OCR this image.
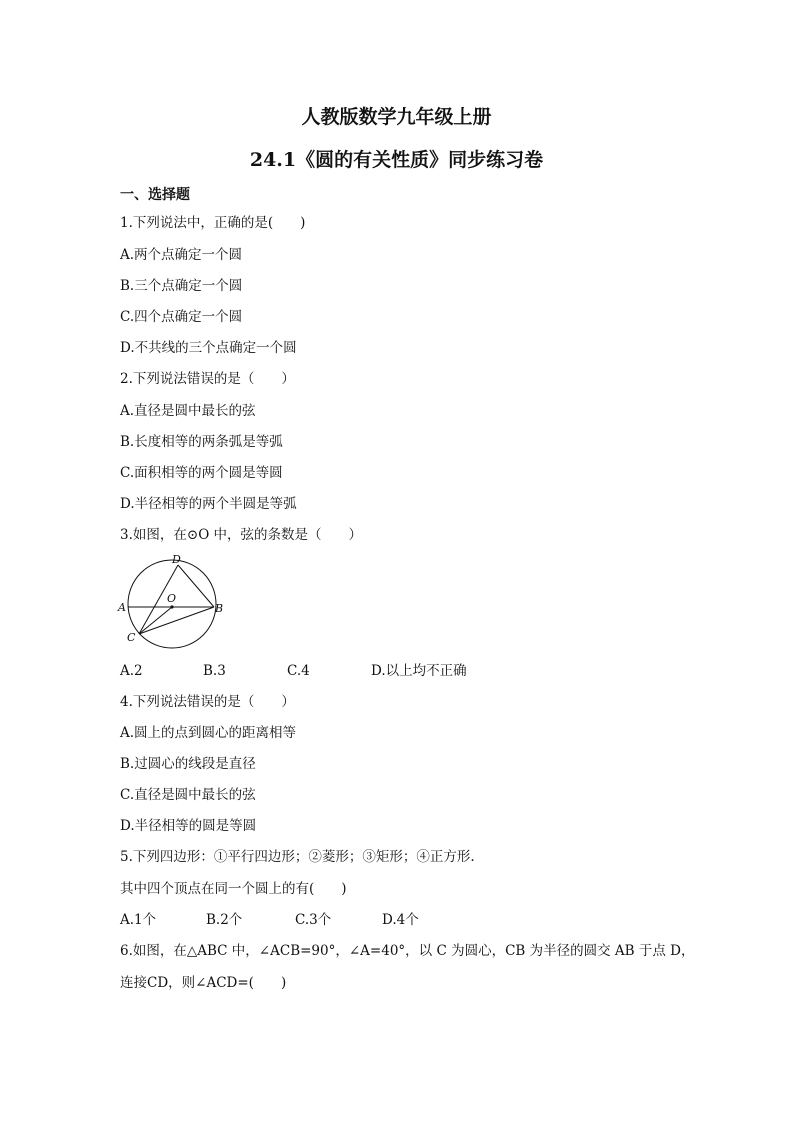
人教版数学九年级上册
24.1《圆的有关性质》同步练习卷
一、选择题
1.下列说法中，正确的是(　　)
A.两个点确定一个圆
B.三个点确定一个圆
C.四个点确定一个圆
D.不共线的三个点确定一个圆
2.下列说法错误的是（　　）
A.直径是圆中最长的弦
B.长度相等的两条弧是等弧
C.面积相等的两个圆是等圆
D.半径相等的两个半圆是等弧
3.如图，在⊙O 中，弦的条数是（　　）
D
A
O
B
C
A.2	B.3	C.4	D.以上均不正确
4.下列说法错误的是（　　）
A.圆上的点到圆心的距离相等
B.过圆心的线段是直径
C.直径是圆中最长的弦
D.半径相等的圆是等圆
5.下列四边形：①平行四边形；②菱形；③矩形；④正方形.
其中四个顶点在同一个圆上的有(　　)
A.1个	B.2个	C.3个	D.4个
6.如图，在△ABC 中，∠ACB=90°，∠A=40°，以 C 为圆心，CB 为半径的圆交 AB 于点 D，
连接CD，则∠ACD=(　　)
